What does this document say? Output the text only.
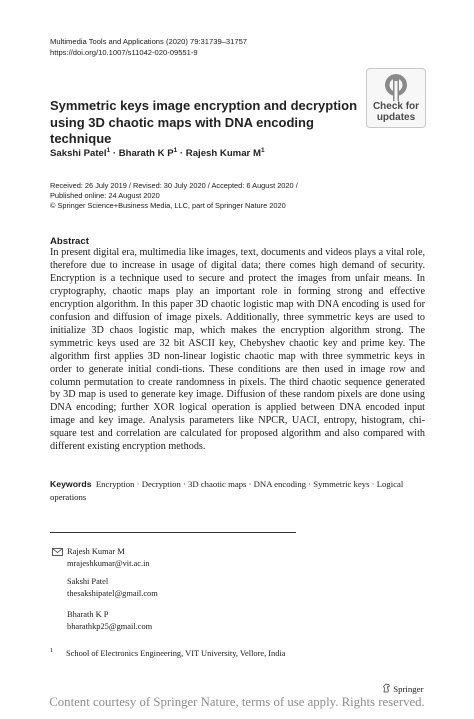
Multimedia Tools and Applications (2020) 79:31739–31757
https://doi.org/10.1007/s11042-020-09551-9
Check for
updates
Symmetric keys image encryption and decryption using 3D chaotic maps with DNA encoding technique
Sakshi Patel$^1$ · Bharath K $P^1$ · Rajesh Kumar $M^1$
Received: 26 July 2019 / Revised: 30 July 2020 / Accepted: 6 August 2020 /
Published online: 24 August 2020
© Springer Science+Business Media, LLC, part of Springer Nature 2020
Abstract
In present digital era, multimedia like images, text, documents and videos plays a vital role, therefore due to increase in usage of digital data; there comes high demand of security. Encryption is a technique used to secure and protect the images from unfair means. In cryptography, chaotic maps play an important role in forming strong and effective encryption algorithm. In this paper 3D chaotic logistic map with DNA encoding is used for confusion and diffusion of image pixels. Additionally, three symmetric keys are used to initialize 3D chaos logistic map, which makes the encryption algorithm strong. The symmetric keys used are 32 bit ASCII key, Chebyshev chaotic key and prime key. The algorithm first applies 3D non-linear logistic chaotic map with three symmetric keys in order to generate initial condi-tions. These conditions are then used in image row and column permutation to create randomness in pixels. The third chaotic sequence generated by 3D map is used to generate key image. Diffusion of these random pixels are done using DNA encoding; further XOR logical operation is applied between DNA encoded input image and key image. Analysis parameters like NPCR, UACI, entropy, histogram, chi-square test and correlation are calculated for proposed algorithm and also compared with different existing encryption methods.
Keywords Encryption · Decryption · 3D chaotic maps · DNA encoding · Symmetric keys · Logical
operations
Rajesh Kumar M
mrajeshkumar@vit.ac.in
Sakshi Patel
thesakshipatel@gmail.com
Bharath K P
bharathkp25@gmail.com
1 School of Electronics Engineering, VIT University, Vellore, India
Springer
Content courtesy of Springer Nature, terms of use apply. Rights reserved.
